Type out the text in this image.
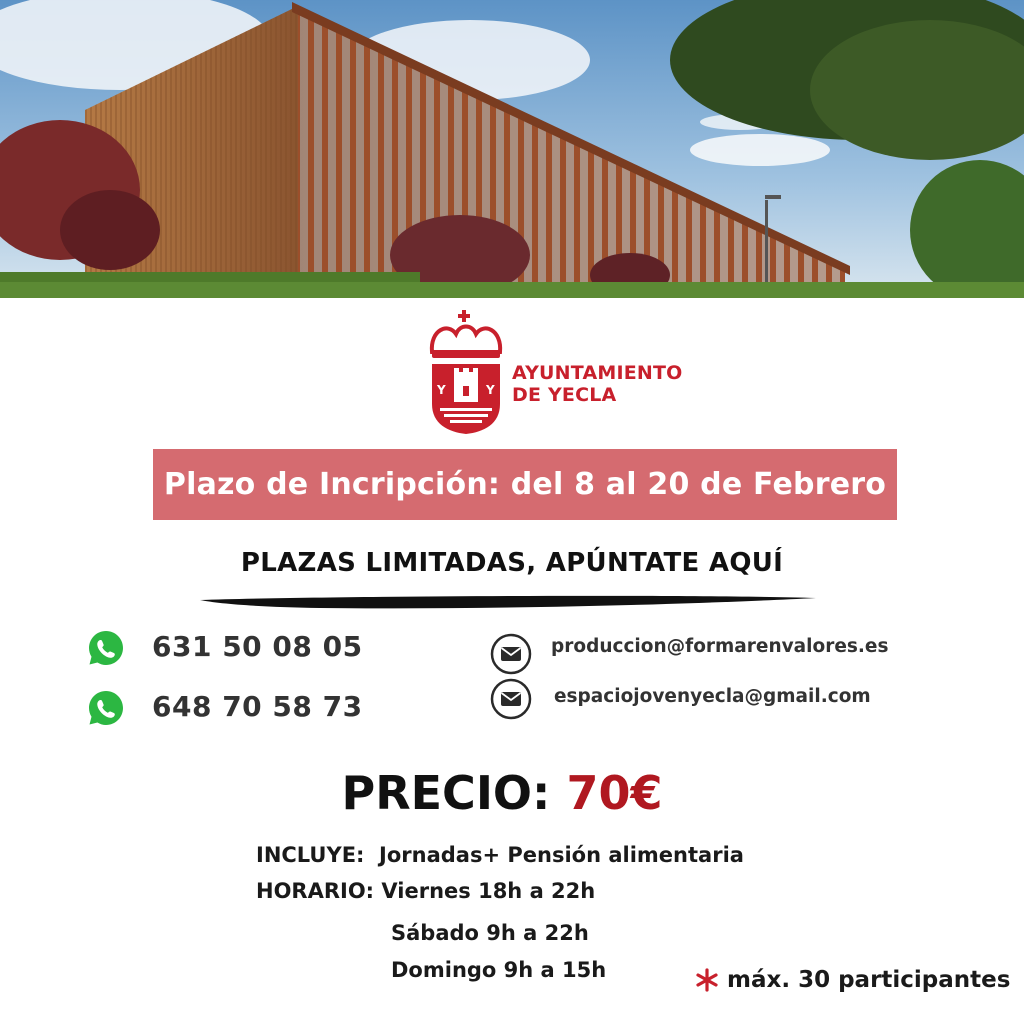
Y	Y
AYUNTAMIENTO
DE YECLA
Plazo de Incripción: del 8 al 20 de Febrero
PLAZAS LIMITADAS, APÚNTATE AQUÍ
631 50 08 05
648 70 58 73
produccion@formarenvalores.es
espaciojovenyecla@gmail.com
PRECIO: 70€
INCLUYE:  Jornadas+ Pensión alimentaria
HORARIO: Viernes 18h a 22h
Sábado 9h a 22h
Domingo 9h a 15h	máx. 30 participantes
